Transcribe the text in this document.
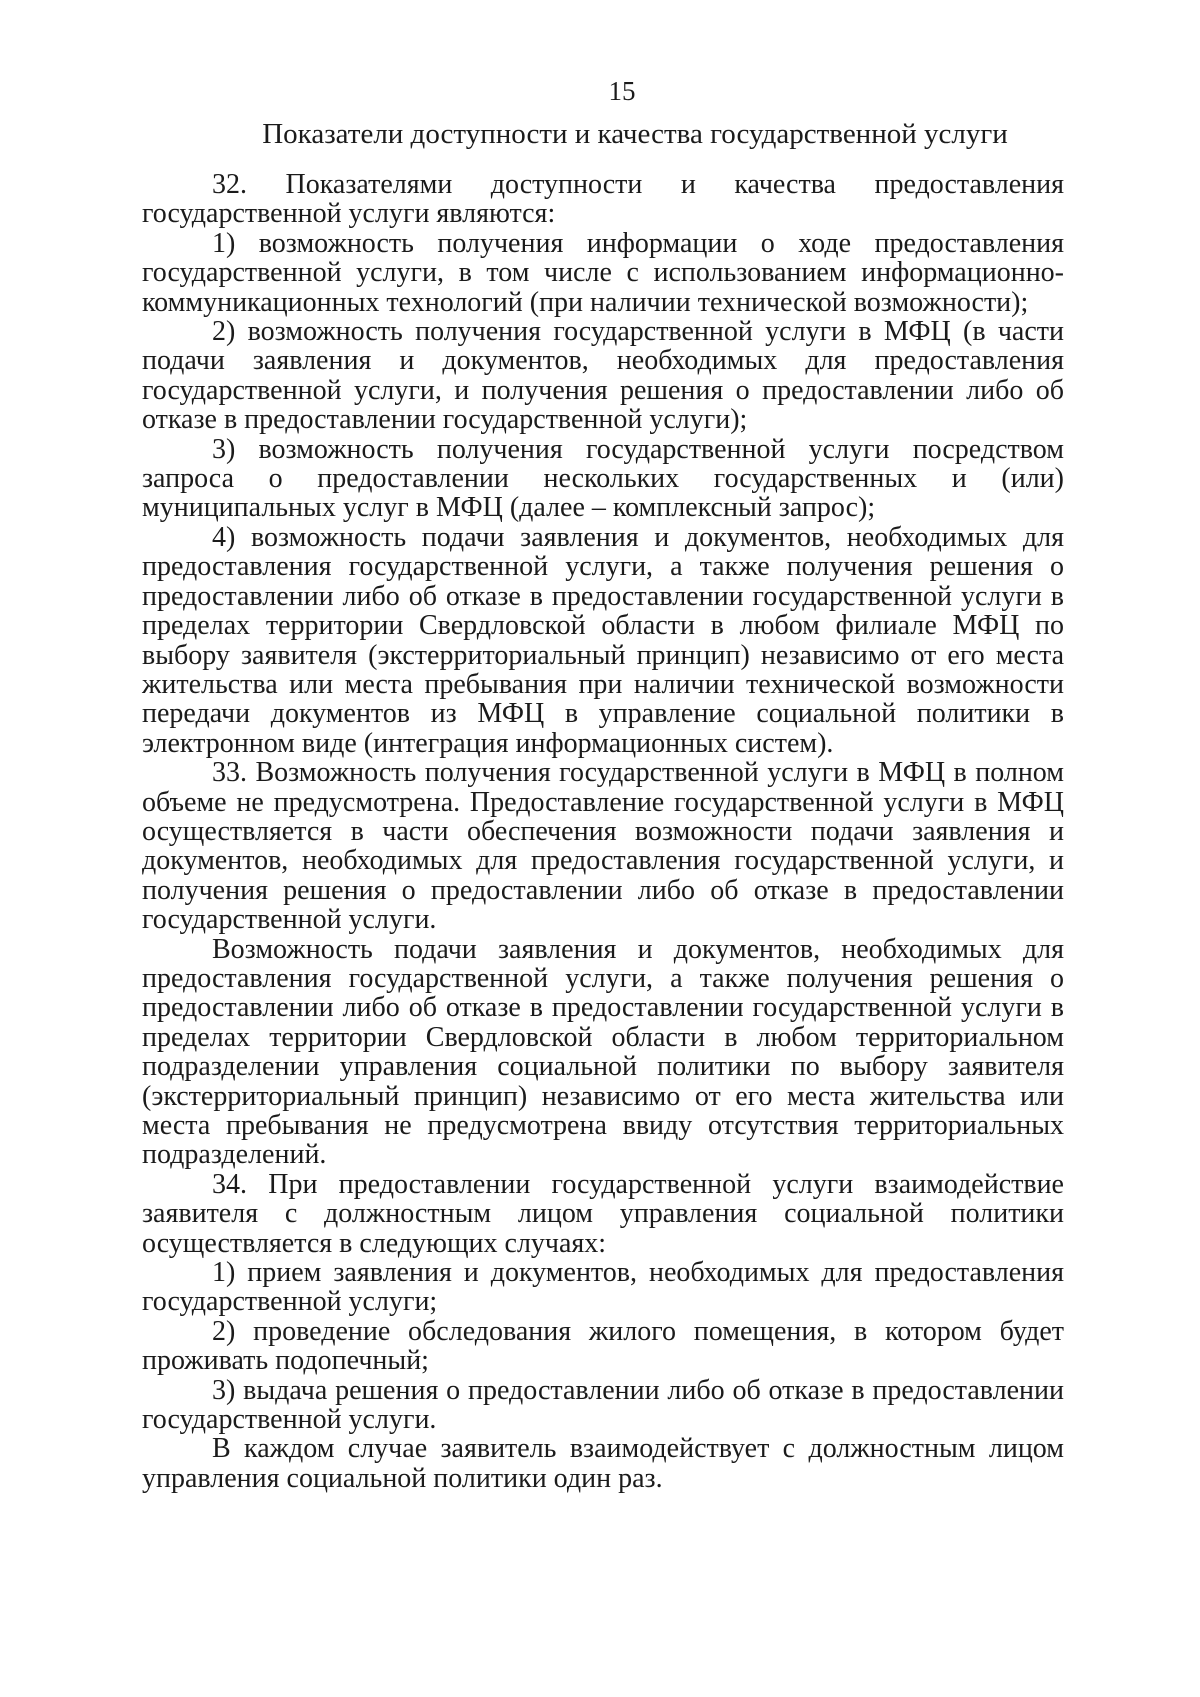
15
Показатели доступности и качества государственной услуги

32. Показателями доступности и качества предоставления государственной услуги являются:

1) возможность получения информации о ходе предоставления государственной услуги, в том числе с использованием информационно-коммуникационных технологий (при наличии технической возможности);

2) возможность получения государственной услуги в МФЦ (в части подачи заявления и документов, необходимых для предоставления государственной услуги, и получения решения о предоставлении либо об отказе в предоставлении государственной услуги);

3) возможность получения государственной услуги посредством запроса о предоставлении нескольких государственных и (или) муниципальных услуг в МФЦ (далее – комплексный запрос);

4) возможность подачи заявления и документов, необходимых для предоставления государственной услуги, а также получения решения о предоставлении либо об отказе в предоставлении государственной услуги в пределах территории Свердловской области в любом филиале МФЦ по выбору заявителя (экстерриториальный принцип) независимо от его места жительства или места пребывания при наличии технической возможности передачи документов из МФЦ в управление социальной политики в электронном виде (интеграция информационных систем).

33. Возможность получения государственной услуги в МФЦ в полном объеме не предусмотрена. Предоставление государственной услуги в МФЦ осуществляется в части обеспечения возможности подачи заявления и документов, необходимых для предоставления государственной услуги, и получения решения о предоставлении либо об отказе в предоставлении государственной услуги.

Возможность подачи заявления и документов, необходимых для предоставления государственной услуги, а также получения решения о предоставлении либо об отказе в предоставлении государственной услуги в пределах территории Свердловской области в любом территориальном подразделении управления социальной политики по выбору заявителя (экстерриториальный принцип) независимо от его места жительства или места пребывания не предусмотрена ввиду отсутствия территориальных подразделений.

34. При предоставлении государственной услуги взаимодействие заявителя с должностным лицом управления социальной политики осуществляется в следующих случаях:

1) прием заявления и документов, необходимых для предоставления государственной услуги;

2) проведение обследования жилого помещения, в котором будет проживать подопечный;

3) выдача решения о предоставлении либо об отказе в предоставлении государственной услуги.

В каждом случае заявитель взаимодействует с должностным лицом управления социальной политики один раз.
